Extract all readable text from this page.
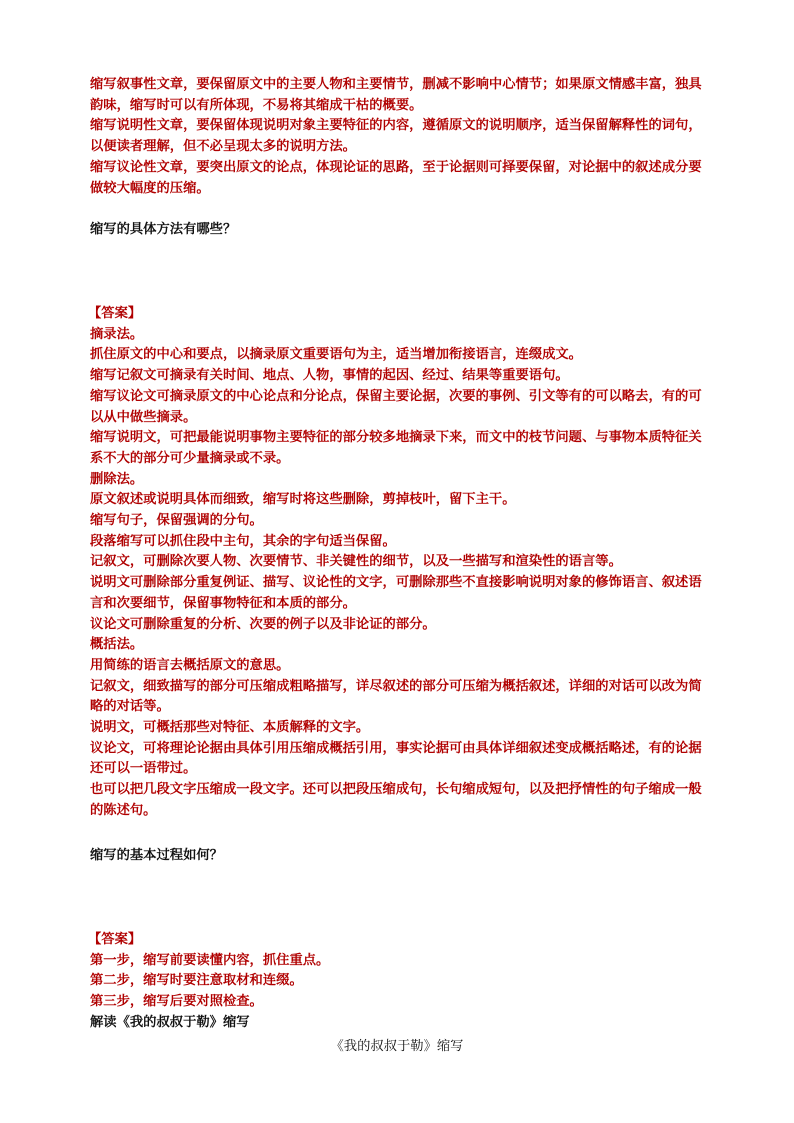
缩写叙事性文章，要保留原文中的主要人物和主要情节，删减不影响中心情节；如果原文情感丰富，独具韵味，缩写时可以有所体现，不易将其缩成干枯的概要。

缩写说明性文章，要保留体现说明对象主要特征的内容，遵循原文的说明顺序，适当保留解释性的词句，以便读者理解，但不必呈现太多的说明方法。

缩写议论性文章，要突出原文的论点，体现论证的思路，至于论据则可择要保留，对论据中的叙述成分要做较大幅度的压缩。

缩写的具体方法有哪些？

【答案】

摘录法。

抓住原文的中心和要点，以摘录原文重要语句为主，适当增加衔接语言，连缀成文。

缩写记叙文可摘录有关时间、地点、人物，事情的起因、经过、结果等重要语句。

缩写议论文可摘录原文的中心论点和分论点，保留主要论据，次要的事例、引文等有的可以略去，有的可以从中做些摘录。

缩写说明文，可把最能说明事物主要特征的部分较多地摘录下来，而文中的枝节问题、与事物本质特征关系不大的部分可少量摘录或不录。

删除法。

原文叙述或说明具体而细致，缩写时将这些删除，剪掉枝叶，留下主干。

缩写句子，保留强调的分句。

段落缩写可以抓住段中主句，其余的字句适当保留。

记叙文，可删除次要人物、次要情节、非关键性的细节，以及一些描写和渲染性的语言等。

说明文可删除部分重复例证、描写、议论性的文字，可删除那些不直接影响说明对象的修饰语言、叙述语言和次要细节，保留事物特征和本质的部分。

议论文可删除重复的分析、次要的例子以及非论证的部分。

概括法。

用简练的语言去概括原文的意思。

记叙文，细致描写的部分可压缩成粗略描写，详尽叙述的部分可压缩为概括叙述，详细的对话可以改为简略的对话等。

说明文，可概括那些对特征、本质解释的文字。

议论文，可将理论论据由具体引用压缩成概括引用，事实论据可由具体详细叙述变成概括略述，有的论据还可以一语带过。

也可以把几段文字压缩成一段文字。还可以把段压缩成句，长句缩成短句，以及把抒情性的句子缩成一般的陈述句。

缩写的基本过程如何？

【答案】

第一步，缩写前要读懂内容，抓住重点。

第二步，缩写时要注意取材和连缀。

第三步，缩写后要对照检查。

解读《我的叔叔于勒》缩写

《我的叔叔于勒》缩写
